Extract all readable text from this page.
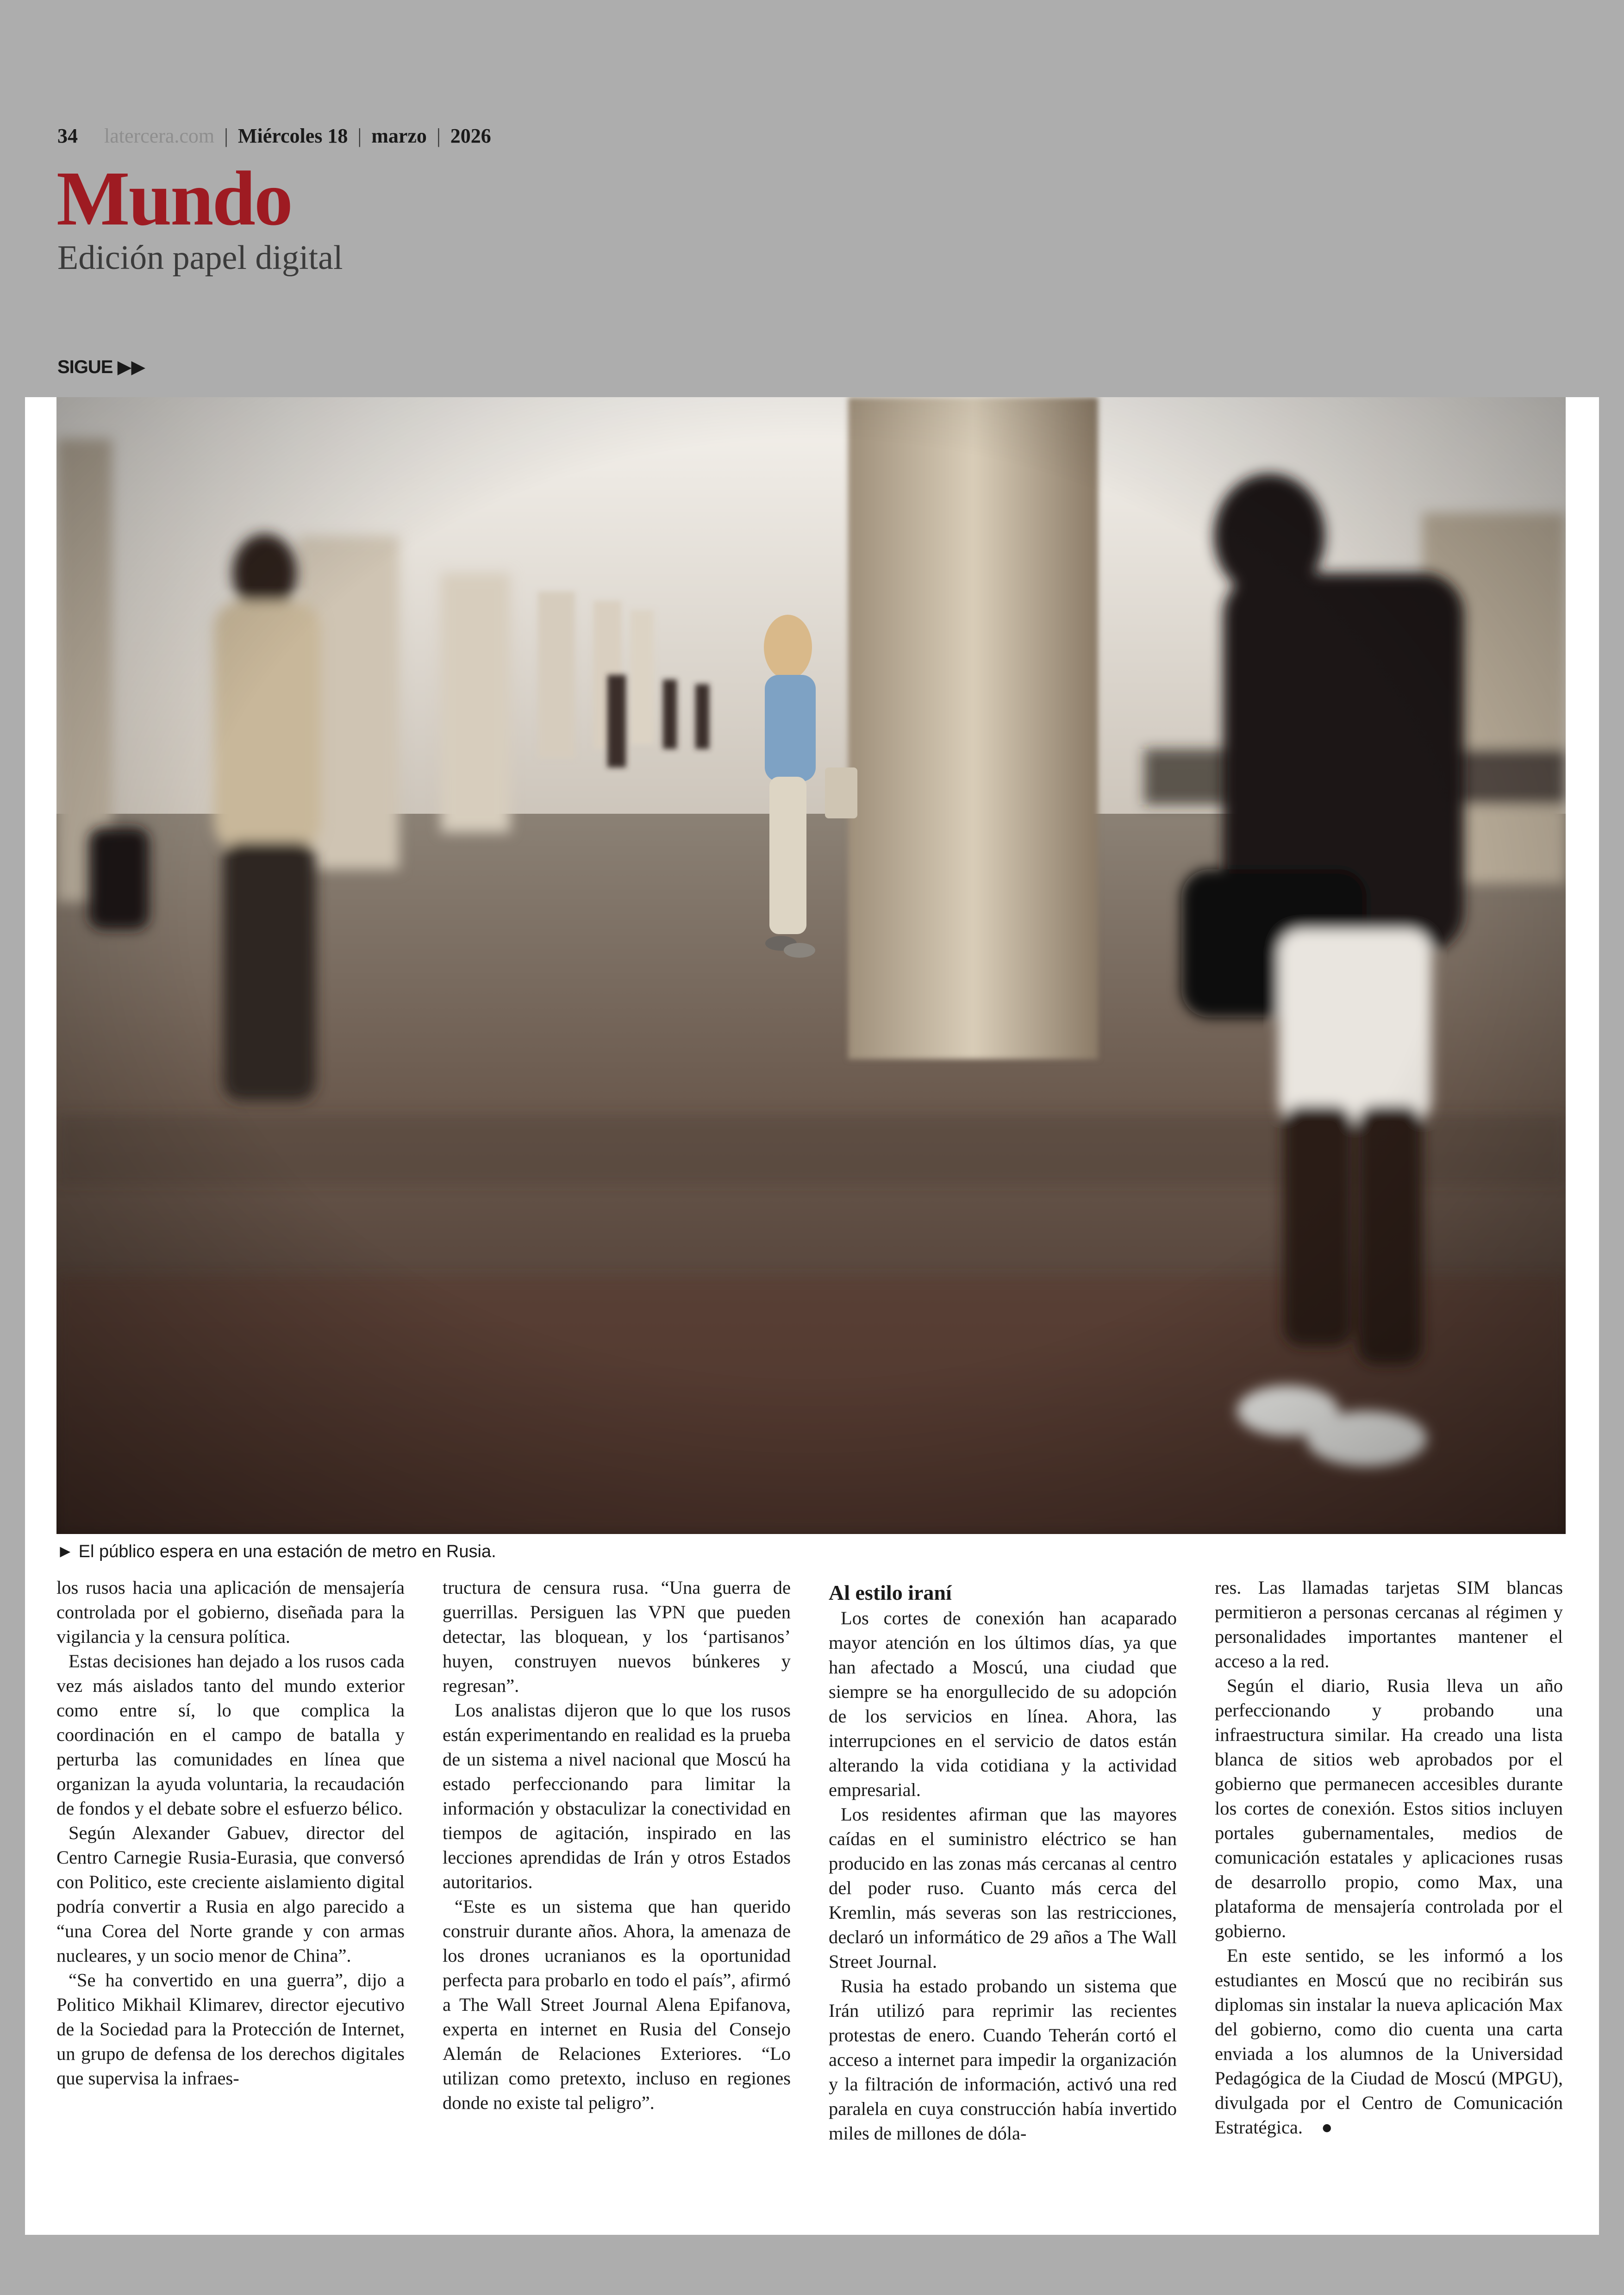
34 latercera.com | Miércoles 18 | marzo | 2026
Mundo
Edición papel digital
SIGUE ▶▶
► El público espera en una estación de metro en Rusia.

los rusos hacia una aplicación de mensajería controlada por el gobierno, diseñada para la vigilancia y la censura política.

Estas decisiones han dejado a los rusos cada vez más aislados tanto del mundo exterior como entre sí, lo que complica la coordinación en el campo de batalla y perturba las comunidades en línea que organizan la ayuda voluntaria, la recaudación de fondos y el debate sobre el esfuerzo bélico.

Según Alexander Gabuev, director del Centro Carnegie Rusia-Eurasia, que conversó con Politico, este creciente aislamiento digital podría convertir a Rusia en algo parecido a “una Corea del Norte grande y con armas nucleares, y un socio menor de China”.

“Se ha convertido en una guerra”, dijo a Politico Mikhail Klimarev, director ejecutivo de la Sociedad para la Protección de Internet, un grupo de defensa de los derechos digitales que supervisa la infraes-

tructura de censura rusa. “Una guerra de guerrillas. Persiguen las VPN que pueden detectar, las bloquean, y los ‘partisanos’ huyen, construyen nuevos búnkeres y regresan”.

Los analistas dijeron que lo que los rusos están experimentando en realidad es la prueba de un sistema a nivel nacional que Moscú ha estado perfeccionando para limitar la información y obstaculizar la conectividad en tiempos de agitación, inspirado en las lecciones aprendidas de Irán y otros Estados autoritarios.

“Este es un sistema que han querido construir durante años. Ahora, la amenaza de los drones ucranianos es la oportunidad perfecta para probarlo en todo el país”, afirmó a The Wall Street Journal Alena Epifanova, experta en internet en Rusia del Consejo Alemán de Relaciones Exteriores. “Lo utilizan como pretexto, incluso en regiones donde no existe tal peligro”.

Al estilo iraní

Los cortes de conexión han acaparado mayor atención en los últimos días, ya que han afectado a Moscú, una ciudad que siempre se ha enorgullecido de su adopción de los servicios en línea. Ahora, las interrupciones en el servicio de datos están alterando la vida cotidiana y la actividad empresarial.

Los residentes afirman que las mayores caídas en el suministro eléctrico se han producido en las zonas más cercanas al centro del poder ruso. Cuanto más cerca del Kremlin, más severas son las restricciones, declaró un informático de 29 años a The Wall Street Journal.

Rusia ha estado probando un sistema que Irán utilizó para reprimir las recientes protestas de enero. Cuando Teherán cortó el acceso a internet para impedir la organización y la filtración de información, activó una red paralela en cuya construcción había invertido miles de millones de dóla-

res. Las llamadas tarjetas SIM blancas permitieron a personas cercanas al régimen y personalidades importantes mantener el acceso a la red.

Según el diario, Rusia lleva un año perfeccionando y probando una infraestructura similar. Ha creado una lista blanca de sitios web aprobados por el gobierno que permanecen accesibles durante los cortes de conexión. Estos sitios incluyen portales gubernamentales, medios de comunicación estatales y aplicaciones rusas de desarrollo propio, como Max, una plataforma de mensajería controlada por el gobierno.

En este sentido, se les informó a los estudiantes en Moscú que no recibirán sus diplomas sin instalar la nueva aplicación Max del gobierno, como dio cuenta una carta enviada a los alumnos de la Universidad Pedagógica de la Ciudad de Moscú (MPGU), divulgada por el Centro de Comunicación Estratégica. ●
